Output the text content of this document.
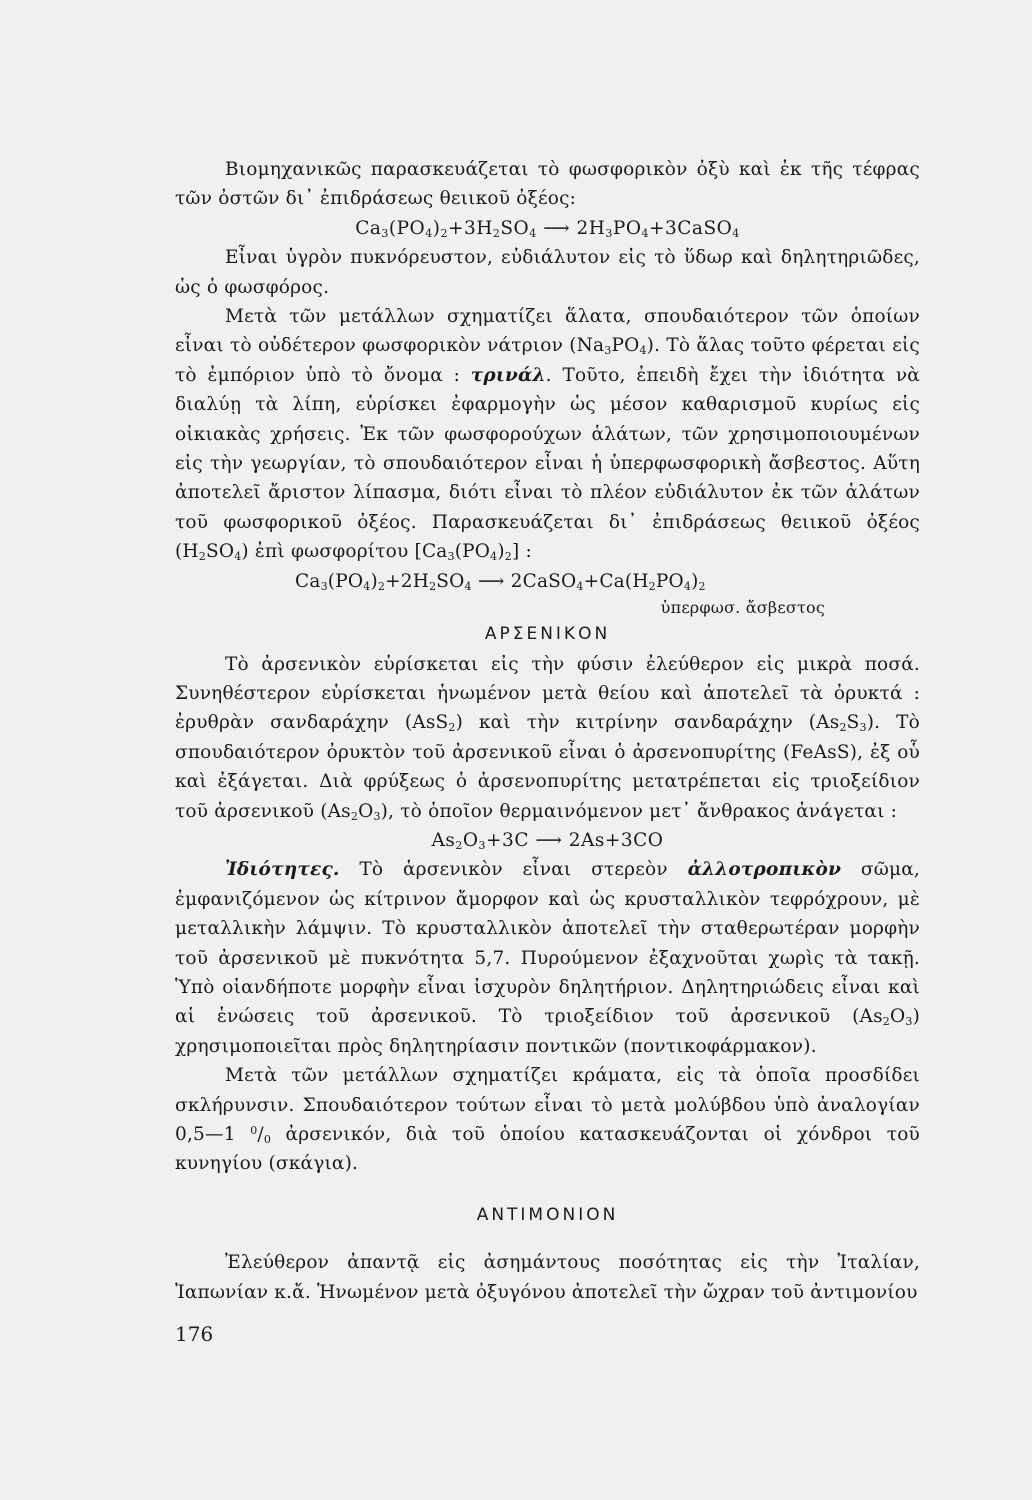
Βιομηχανικῶς παρασκευάζεται τὸ φωσφορικὸν ὀξὺ καὶ ἐκ τῆς τέφρας τῶν ὀστῶν δι᾽ ἐπιδράσεως θειικοῦ ὀξέος:

$Ca_3(PO_4)_2+3H_2SO_4$ ⟶ $2H_3PO_4+3CaSO_4$

Εἶναι ὑγρὸν πυκνόρευστον, εὐδιάλυτον εἰς τὸ ὕδωρ καὶ δηλητηριῶδες, ὡς ὁ φωσφόρος.

Μετὰ τῶν μετάλλων σχηματίζει ἅλατα, σπουδαιότερον τῶν ὁποίων εἶναι τὸ οὐδέτερον φωσφορικὸν νάτριον $(Na_3PO_4)$. Τὸ ἅλας τοῦτο φέρεται εἰς τὸ ἐμπόριον ὑπὸ τὸ ὄνομα : τρινάλ. Τοῦτο, ἐπειδὴ ἔχει τὴν ἰδιότητα νὰ διαλύῃ τὰ λίπη, εὑρίσκει ἐφαρμογὴν ὡς μέσον καθαρισμοῦ κυρίως εἰς οἰκιακὰς χρήσεις. Ἐκ τῶν φωσφορούχων ἁλάτων, τῶν χρησιμοποιουμένων εἰς τὴν γεωργίαν, τὸ σπουδαιότερον εἶναι ἡ ὑπερφωσφορικὴ ἄσβεστος. Αὕτη ἀποτελεῖ ἄριστον λίπασμα, διότι εἶναι τὸ πλέον εὐδιάλυτον ἐκ τῶν ἁλάτων τοῦ φωσφορικοῦ ὀξέος. Παρασκευάζεται δι᾽ ἐπιδράσεως θειικοῦ ὀξέος $(H_2SO_4)$ ἐπὶ φωσφορίτου $[Ca_3(PO_4)_2]$ :

$Ca_3(PO_4)_2+2H_2SO_4$ ⟶ $2CaSO_4+Ca(H_2PO_4)_2$

ὑπερφωσ. ἄσβεστος

ΑΡΣΕΝΙΚΟΝ

Τὸ ἀρσενικὸν εὑρίσκεται εἰς τὴν φύσιν ἐλεύθερον εἰς μικρὰ ποσά. Συνηθέστερον εὑρίσκεται ἡνωμένον μετὰ θείου καὶ ἀποτελεῖ τὰ ὀρυκτά : ἐρυθρὰν σανδαράχην (AsS$_2$) καὶ τὴν κιτρίνην σανδαράχην $(As_2S_3)$. Τὸ σπουδαιότερον ὀρυκτὸν τοῦ ἀρσενικοῦ εἶναι ὁ ἀρσενοπυρίτης (FeAsS), ἐξ οὗ καὶ ἐξάγεται. Διὰ φρύξεως ὁ ἀρσενοπυρίτης μετατρέπεται εἰς τριοξείδιον τοῦ ἀρσενικοῦ $(As_2O_3)$, τὸ ὁποῖον θερμαινόμενον μετ᾽ ἄνθρακος ἀνάγεται :

$As_2O_3+3C$ ⟶ 2As+3CO

Ἰδιότητες. Τὸ ἀρσενικὸν εἶναι στερεὸν ἀλλοτροπικὸν σῶμα, ἐμφανιζόμενον ὡς κίτρινον ἄμορφον καὶ ὡς κρυσταλλικὸν τεφρόχρουν, μὲ μεταλλικὴν λάμψιν. Τὸ κρυσταλλικὸν ἀποτελεῖ τὴν σταθερωτέραν μορφὴν τοῦ ἀρσενικοῦ μὲ πυκνότητα 5,7. Πυρούμενον ἐξαχνοῦται χωρὶς τὰ τακῇ. Ὑπὸ οἱανδήποτε μορφὴν εἶναι ἰσχυρὸν δηλητήριον. Δηλητηριώδεις εἶναι καὶ αἱ ἑνώσεις τοῦ ἀρσενικοῦ. Τὸ τριοξείδιον τοῦ ἀρσενικοῦ $(As_2O_3)$ χρησιμοποιεῖται πρὸς δηλητηρίασιν ποντικῶν (ποντικοφάρμακον).

Μετὰ τῶν μετάλλων σχηματίζει κράματα, εἰς τὰ ὁποῖα προσδίδει σκλήρυνσιν. Σπουδαιότερον τούτων εἶναι τὸ μετὰ μολύβδου ὑπὸ ἀναλογίαν 0,5—1 $^0/_0$ ἀρσενικόν, διὰ τοῦ ὁποίου κατασκευάζονται οἱ χόνδροι τοῦ κυνηγίου (σκάγια).

ΑΝΤΙΜΟΝΙΟΝ

Ἐλεύθερον ἀπαντᾷ εἰς ἀσημάντους ποσότητας εἰς τὴν Ἰταλίαν, Ἰαπωνίαν κ.ἄ. Ἡνωμένον μετὰ ὀξυγόνου ἀποτελεῖ τὴν ὤχραν τοῦ ἀντιμονίου

176
